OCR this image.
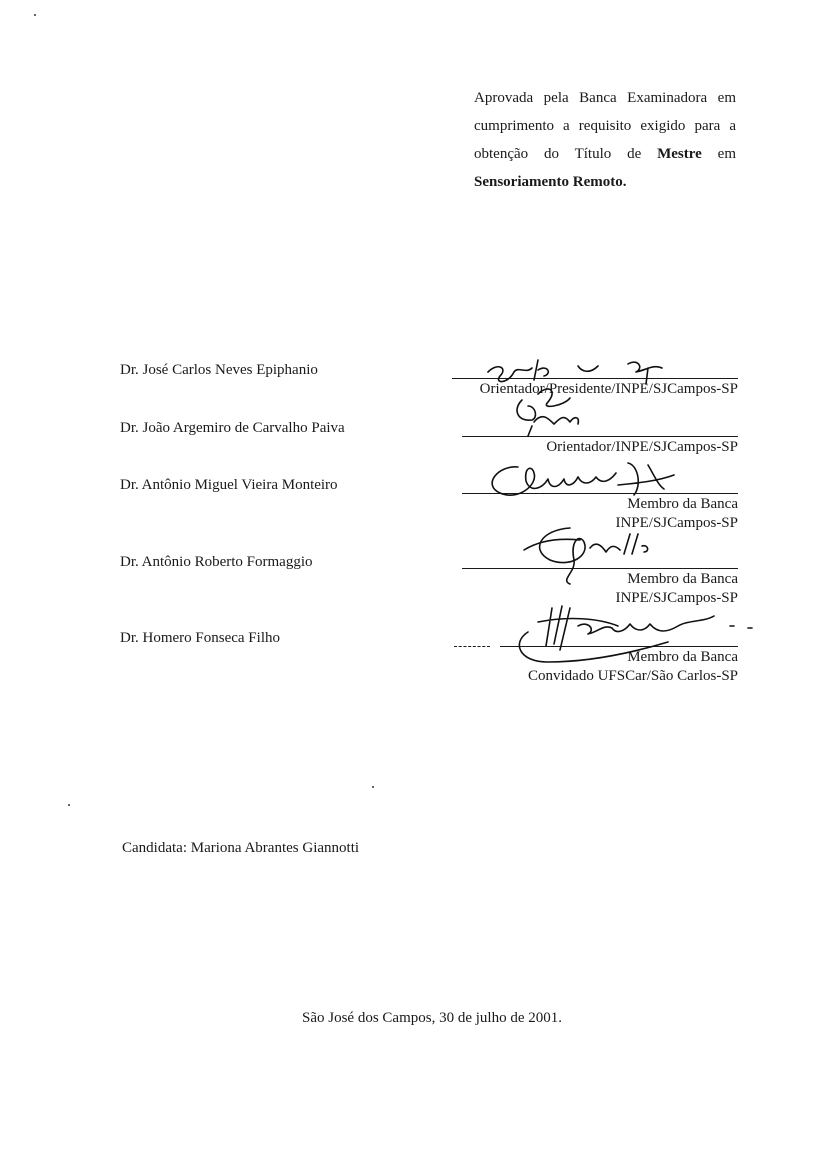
Aprovada pela Banca Examinadora em
cumprimento a requisito exigido para a
obtenção do Título de Mestre em
Sensoriamento Remoto.
Dr. José Carlos Neves Epiphanio
Orientador/Presidente/INPE/SJCampos-SP
Dr. João Argemiro de Carvalho Paiva
Orientador/INPE/SJCampos-SP
Dr. Antônio Miguel Vieira Monteiro
Membro da Banca
INPE/SJCampos-SP
Dr. Antônio Roberto Formaggio
Membro da Banca
INPE/SJCampos-SP
Dr. Homero Fonseca Filho
Membro da Banca
Convidado UFSCar/São Carlos-SP
Candidata: Mariona Abrantes Giannotti
São José dos Campos, 30 de julho de 2001.
